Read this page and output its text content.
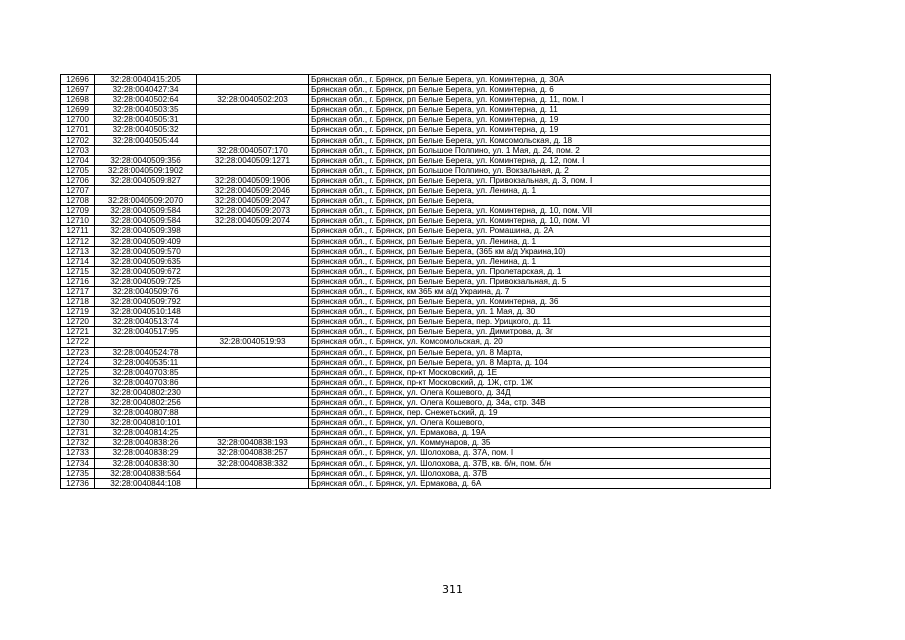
12696	32:28:0040415:205		Брянская обл., г. Брянск, рп Белые Берега, ул. Коминтерна, д. 30А
12697	32:28:0040427:34		Брянская обл., г. Брянск, рп Белые Берега, ул. Коминтерна, д. 6
12698	32:28:0040502:64	32:28:0040502:203	Брянская обл., г. Брянск, рп Белые Берега, ул. Коминтерна, д. 11, пом. I
12699	32:28:0040503:35		Брянская обл., г. Брянск, рп Белые Берега, ул. Коминтерна, д. 11
12700	32:28:0040505:31		Брянская обл., г. Брянск, рп Белые Берега, ул. Коминтерна, д. 19
12701	32:28:0040505:32		Брянская обл., г. Брянск, рп Белые Берега, ул. Коминтерна, д. 19
12702	32:28:0040505:44		Брянская обл., г. Брянск, рп Белые Берега, ул. Комсомольская, д. 18
12703		32:28:0040507:170	Брянская обл., г. Брянск, рп Большое Полпино, ул. 1 Мая, д. 24, пом. 2
12704	32:28:0040509:356	32:28:0040509:1271	Брянская обл., г. Брянск, рп Белые Берега, ул. Коминтерна, д. 12, пом. I
12705	32:28:0040509:1902		Брянская обл., г. Брянск, рп Большое Полпино, ул. Вокзальная, д. 2
12706	32:28:0040509:827	32:28:0040509:1906	Брянская обл., г. Брянск, рп Белые Берега, ул. Привокзальная, д. 3, пом. I
12707		32:28:0040509:2046	Брянская обл., г. Брянск, рп Белые Берега, ул. Ленина, д. 1
12708	32:28:0040509:2070	32:28:0040509:2047	Брянская обл., г. Брянск, рп Белые Берега,
12709	32:28:0040509:584	32:28:0040509:2073	Брянская обл., г. Брянск, рп Белые Берега, ул. Коминтерна, д. 10, пом. VII
12710	32:28:0040509:584	32:28:0040509:2074	Брянская обл., г. Брянск, рп Белые Берега, ул. Коминтерна, д. 10, пом. VI
12711	32:28:0040509:398		Брянская обл., г. Брянск, рп Белые Берега, ул. Ромашина, д. 2А
12712	32:28:0040509:409		Брянская обл., г. Брянск, рп Белые Берега, ул. Ленина, д. 1
12713	32:28:0040509:570		Брянская обл., г. Брянск, рп Белые Берега, (365 км а/д Украина,10)
12714	32:28:0040509:635		Брянская обл., г. Брянск, рп Белые Берега, ул. Ленина, д. 1
12715	32:28:0040509:672		Брянская обл., г. Брянск, рп Белые Берега, ул. Пролетарская, д. 1
12716	32:28:0040509:725		Брянская обл., г. Брянск, рп Белые Берега, ул. Привокзальная, д. 5
12717	32:28:0040509:76		Брянская обл., г. Брянск, км 365 км а/д Украина, д. 7
12718	32:28:0040509:792		Брянская обл., г. Брянск, рп Белые Берега, ул. Коминтерна, д. 36
12719	32:28:0040510:148		Брянская обл., г. Брянск, рп Белые Берега, ул. 1 Мая, д. 30
12720	32:28:0040513:74		Брянская обл., г. Брянск, рп Белые Берега, пер. Урицкого, д. 11
12721	32:28:0040517:95		Брянская обл., г. Брянск, рп Белые Берега, ул. Димитрова, д. 3г
12722		32:28:0040519:93	Брянская обл., г. Брянск, ул. Комсомольская, д. 20
12723	32:28:0040524:78		Брянская обл., г. Брянск, рп Белые Берега, ул. 8 Марта,
12724	32:28:0040535:11		Брянская обл., г. Брянск, рп Белые Берега, ул. 8 Марта, д. 104
12725	32:28:0040703:85		Брянская обл., г. Брянск, пр-кт Московский, д. 1Е
12726	32:28:0040703:86		Брянская обл., г. Брянск, пр-кт Московский, д. 1Ж, стр. 1Ж
12727	32:28:0040802:230		Брянская обл., г. Брянск, ул. Олега Кошевого, д. 34Д
12728	32:28:0040802:256		Брянская обл., г. Брянск, ул. Олега Кошевого, д. 34а, стр. 34В
12729	32:28:0040807:88		Брянская обл., г. Брянск, пер. Снежетьский, д. 19
12730	32:28:0040810:101		Брянская обл., г. Брянск, ул. Олега Кошевого,
12731	32:28:0040814:25		Брянская обл., г. Брянск, ул. Ермакова, д. 19А
12732	32:28:0040838:26	32:28:0040838:193	Брянская обл., г. Брянск, ул. Коммунаров, д. 35
12733	32:28:0040838:29	32:28:0040838:257	Брянская обл., г. Брянск, ул. Шолохова, д. 37А, пом. I
12734	32:28:0040838:30	32:28:0040838:332	Брянская обл., г. Брянск, ул. Шолохова, д. 37В, кв. б/н, пом. б/н
12735	32:28:0040838:564		Брянская обл., г. Брянск, ул. Шолохова, д. 37В
12736	32:28:0040844:108		Брянская обл., г. Брянск, ул. Ермакова, д. 6А
311
